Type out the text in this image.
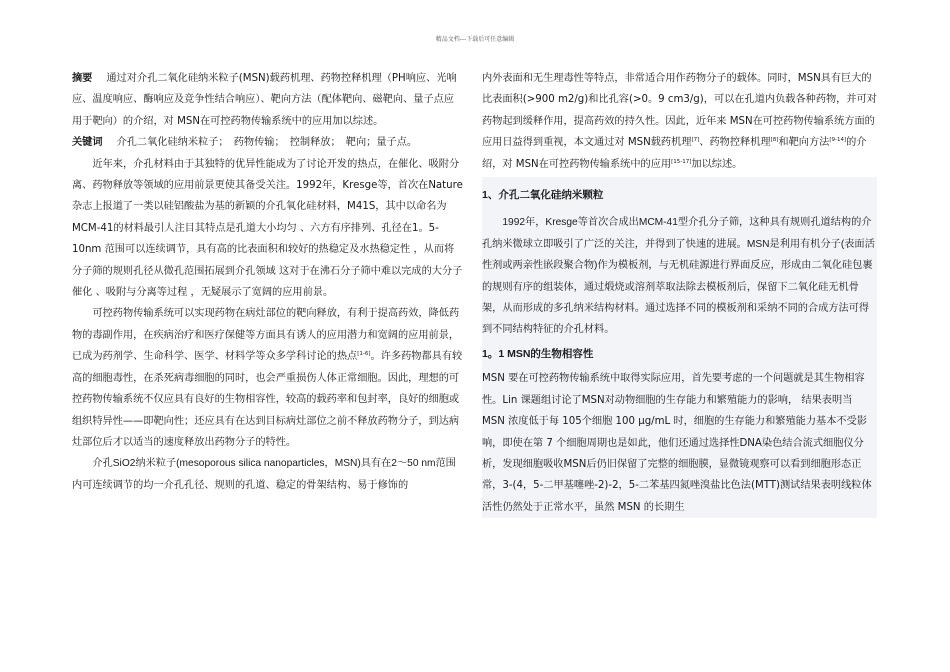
精品文档---下载后可任意编辑

摘要 通过对介孔二氧化硅纳米粒子(MSN)载药机理、药物控释机理（PH响应、光响应、温度响应、酶响应及竞争性结合响应）、靶向方法（配体靶向、磁靶向、量子点应用于靶向）的介绍，对 MSN在可控药物传输系统中的应用加以综述。

关键词 介孔二氧化硅纳米粒子；　药物传输；　控制释放；　靶向；量子点。

近年来，介孔材料由于其独特的优异性能成为了讨论开发的热点，在催化、吸附分离、药物释放等领域的应用前景更使其备受关注。1992年，Kresge等，首次在Nature杂志上报道了一类以硅铝酸盐为基的新颖的介孔氧化硅材料，M41S，其中以命名为MCM-41的材料最引人注目其特点是孔道大小均匀 、六方有序排列、孔径在1。5-10nm 范围可以连续调节，具有高的比表面积和较好的热稳定及水热稳定性 ，从而将分子筛的规则孔径从微孔范围拓展到介孔领域 这对于在沸石分子筛中难以完成的大分子催化 、吸附与分离等过程 ，无疑展示了宽阔的应用前景。

可控药物传输系统可以实现药物在病灶部位的靶向释放，有利于提高药效，降低药物的毒副作用，在疾病治疗和医疗保健等方面具有诱人的应用潜力和宽阔的应用前景，已成为药剂学、生命科学、医学、材料学等众多学科讨论的热点[1-6]。许多药物都具有较高的细胞毒性，在杀死病毒细胞的同时，也会严重损伤人体正常细胞。因此，理想的可控药物传输系统不仅应具有良好的生物相容性，较高的载药率和包封率，良好的细胞或组织特异性——即靶向性；还应具有在达到目标病灶部位之前不释放药物分子，到达病灶部位后才以适当的速度释放出药物分子的特性。

介孔SiO2纳米粒子(mesoporous silica nanoparticles，MSN)具有在2～50 nm范围内可连续调节的均一介孔孔径、规则的孔道、稳定的骨架结构、易于修饰的

内外表面和无生理毒性等特点，非常适合用作药物分子的载体。同时，MSN具有巨大的比表面积(>900 m2/g)和比孔容(>0。9 cm3/g)，可以在孔道内负载各种药物，并可对药物起到缓释作用，提高药效的持久性。因此，近年来 MSN在可控药物传输系统方面的应用日益得到重视，本文通过对 MSN载药机理[7]、药物控释机理[8]和靶向方法[9-14]的介绍，对 MSN在可控药物传输系统中的应用[15-17]加以综述。

1、介孔二氧化硅纳米颗粒

1992年，Kresge等首次合成出MCM-41型介孔分子筛，这种具有规则孔道结构的介孔纳米微球立即吸引了广泛的关注，并得到了快速的进展。MSN是利用有机分子(表面活性剂或两亲性嵌段聚合物)作为模板剂，与无机硅源进行界面反应，形成由二氧化硅包裹的规则有序的组装体，通过煅烧或溶剂萃取法除去模板剂后，保留下二氧化硅无机骨架，从而形成的多孔纳米结构材料。通过选择不同的模板剂和采纳不同的合成方法可得到不同结构特征的介孔材料。

1。1 MSN的生物相容性

MSN 要在可控药物传输系统中取得实际应用，首先要考虑的一个问题就是其生物相容性。Lin 课题组讨论了MSN对动物细胞的生存能力和繁殖能力的影响， 结果表明当 MSN 浓度低于每 105个细胞 100 μg/mL 时，细胞的生存能力和繁殖能力基本不受影响，即使在第 7 个细胞周期也是如此，他们还通过选择性DNA染色结合流式细胞仪分析，发现细胞吸收MSN后仍旧保留了完整的细胞膜，显微镜观察可以看到细胞形态正常，3-(4，5-二甲基噻唑-2)-2，5-二苯基四氮唑溴盐比色法(MTT)测试结果表明线粒体活性仍然处于正常水平，虽然 MSN 的长期生
